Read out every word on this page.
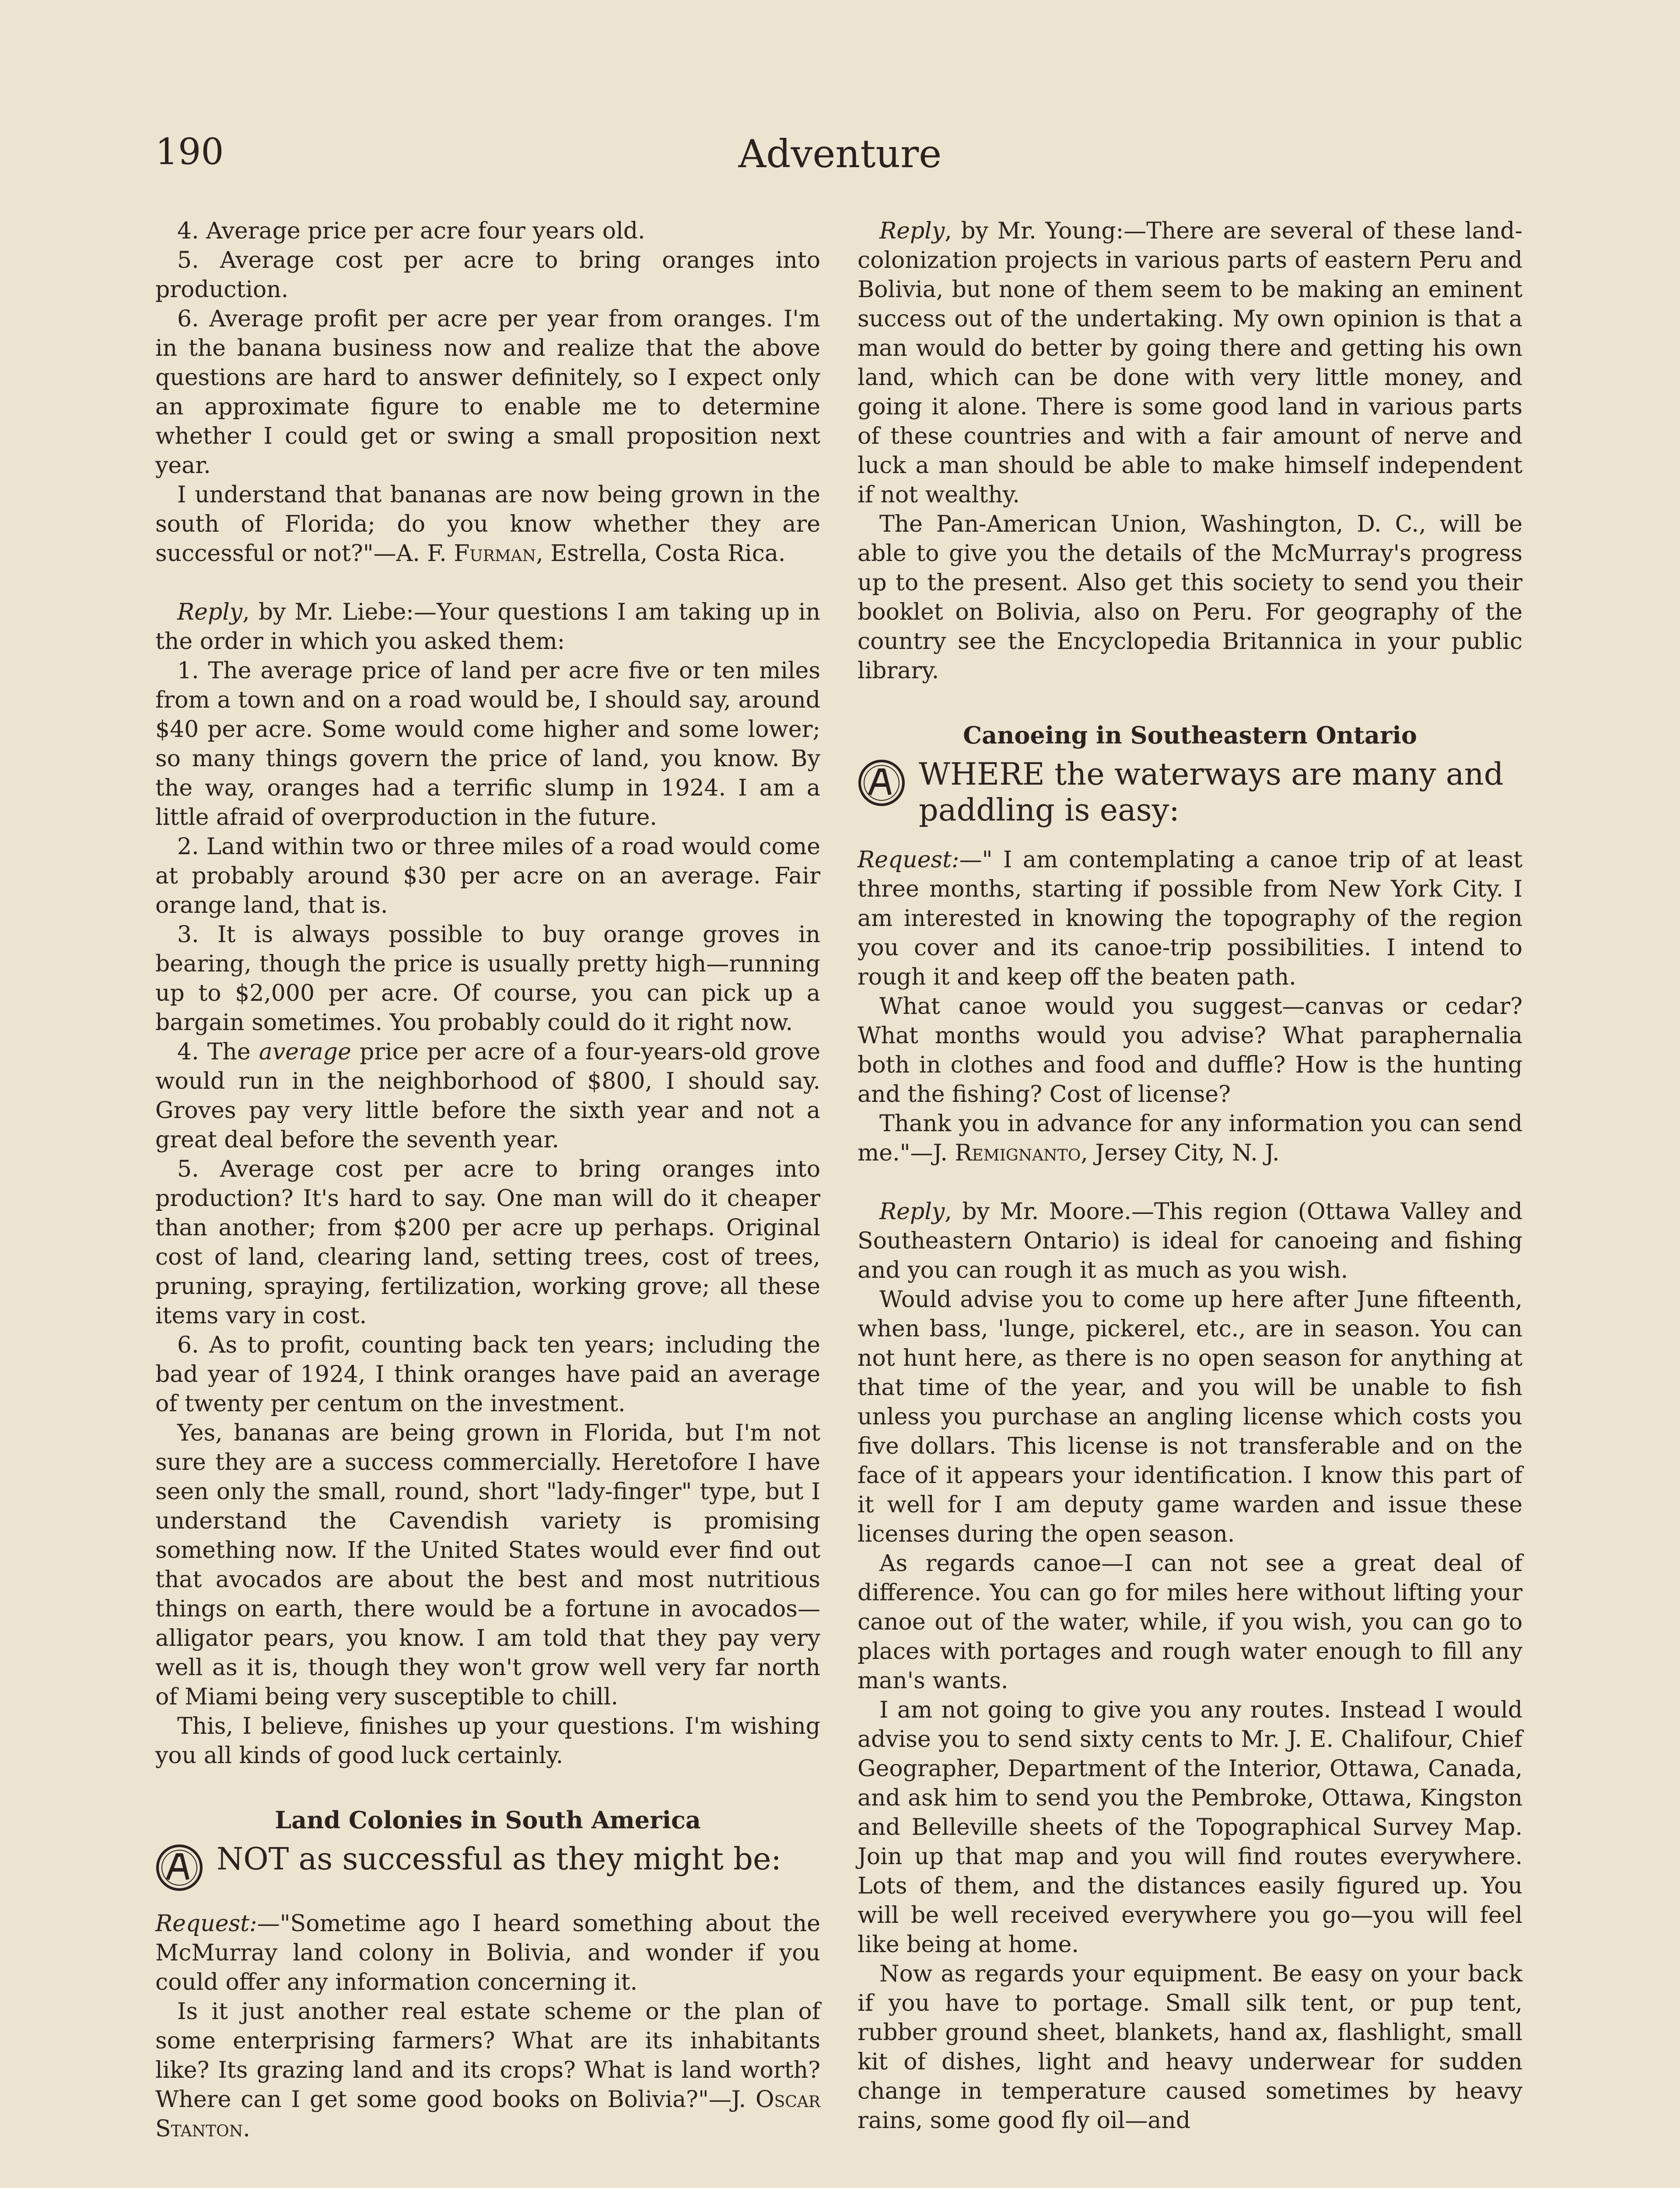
190	Adventure

4. Average price per acre four years old.

5. Average cost per acre to bring oranges into production.

6. Average profit per acre per year from oranges. I'm in the banana business now and realize that the above questions are hard to answer definitely, so I expect only an approximate figure to enable me to determine whether I could get or swing a small proposition next year.

I understand that bananas are now being grown in the south of Florida; do you know whether they are successful or not?"—A. F. Furman, Estrella, Costa Rica.

Reply, by Mr. Liebe:—Your questions I am taking up in the order in which you asked them:

1. The average price of land per acre five or ten miles from a town and on a road would be, I should say, around $40 per acre. Some would come higher and some lower; so many things govern the price of land, you know. By the way, oranges had a terrific slump in 1924. I am a little afraid of overproduction in the future.

2. Land within two or three miles of a road would come at probably around $30 per acre on an average. Fair orange land, that is.

3. It is always possible to buy orange groves in bearing, though the price is usually pretty high—running up to $2,000 per acre. Of course, you can pick up a bargain sometimes. You probably could do it right now.

4. The average price per acre of a four-years-old grove would run in the neighborhood of $800, I should say. Groves pay very little before the sixth year and not a great deal before the seventh year.

5. Average cost per acre to bring oranges into production? It's hard to say. One man will do it cheaper than another; from $200 per acre up perhaps. Original cost of land, clearing land, setting trees, cost of trees, pruning, spraying, fertilization, working grove; all these items vary in cost.

6. As to profit, counting back ten years; including the bad year of 1924, I think oranges have paid an average of twenty per centum on the investment.

Yes, bananas are being grown in Florida, but I'm not sure they are a success commercially. Heretofore I have seen only the small, round, short "lady-finger" type, but I understand the Cavendish variety is promising something now. If the United States would ever find out that avocados are about the best and most nutritious things on earth, there would be a fortune in avocados—alligator pears, you know. I am told that they pay very well as it is, though they won't grow well very far north of Miami being very susceptible to chill.

This, I believe, finishes up your questions. I'm wishing you all kinds of good luck certainly.

Land Colonies in South America
NOT as successful as they might be:

Request:—"Sometime ago I heard something about the McMurray land colony in Bolivia, and wonder if you could offer any information concerning it.

Is it just another real estate scheme or the plan of some enterprising farmers? What are its inhabitants like? Its grazing land and its crops? What is land worth? Where can I get some good books on Bolivia?"—J. Oscar Stanton.

Reply, by Mr. Young:—There are several of these land-colonization projects in various parts of eastern Peru and Bolivia, but none of them seem to be making an eminent success out of the undertaking. My own opinion is that a man would do better by going there and getting his own land, which can be done with very little money, and going it alone. There is some good land in various parts of these countries and with a fair amount of nerve and luck a man should be able to make himself independent if not wealthy.

The Pan-American Union, Washington, D. C., will be able to give you the details of the McMurray's progress up to the present. Also get this society to send you their booklet on Bolivia, also on Peru. For geography of the country see the Encyclopedia Britannica in your public library.

Canoeing in Southeastern Ontario
WHERE the waterways are many and paddling is easy:

Request:—" I am contemplating a canoe trip of at least three months, starting if possible from New York City. I am interested in knowing the topography of the region you cover and its canoe-trip possibilities. I intend to rough it and keep off the beaten path.

What canoe would you suggest—canvas or cedar? What months would you advise? What paraphernalia both in clothes and food and duffle? How is the hunting and the fishing? Cost of license?

Thank you in advance for any information you can send me."—J. Remignanto, Jersey City, N. J.

Reply, by Mr. Moore.—This region (Ottawa Valley and Southeastern Ontario) is ideal for canoeing and fishing and you can rough it as much as you wish.

Would advise you to come up here after June fifteenth, when bass, 'lunge, pickerel, etc., are in season. You can not hunt here, as there is no open season for anything at that time of the year, and you will be unable to fish unless you purchase an angling license which costs you five dollars. This license is not transferable and on the face of it appears your identification. I know this part of it well for I am deputy game warden and issue these licenses during the open season.

As regards canoe—I can not see a great deal of difference. You can go for miles here without lifting your canoe out of the water, while, if you wish, you can go to places with portages and rough water enough to fill any man's wants.

I am not going to give you any routes. Instead I would advise you to send sixty cents to Mr. J. E. Chalifour, Chief Geographer, Department of the Interior, Ottawa, Canada, and ask him to send you the Pembroke, Ottawa, Kingston and Belleville sheets of the Topographical Survey Map. Join up that map and you will find routes everywhere. Lots of them, and the distances easily figured up. You will be well received everywhere you go—you will feel like being at home.

Now as regards your equipment. Be easy on your back if you have to portage. Small silk tent, or pup tent, rubber ground sheet, blankets, hand ax, flashlight, small kit of dishes, light and heavy underwear for sudden change in temperature caused sometimes by heavy rains, some good fly oil—and
